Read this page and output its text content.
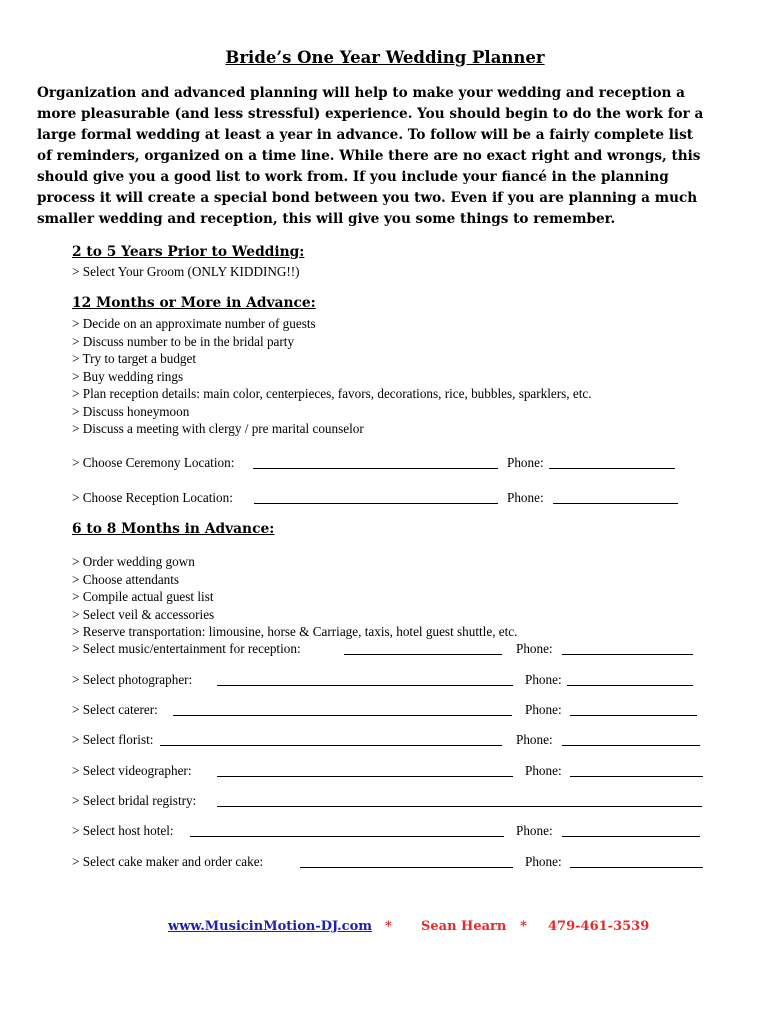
Bride’s One Year Wedding Planner
Organization and advanced planning will help to make your wedding and reception a
more pleasurable (and less stressful) experience. You should begin to do the work for a
large formal wedding at least a year in advance. To follow will be a fairly complete list
of reminders, organized on a time line. While there are no exact right and wrongs, this
should give you a good list to work from. If you include your fiancé in the planning
process it will create a special bond between you two. Even if you are planning a much
smaller wedding and reception, this will give you some things to remember.
2 to 5 Years Prior to Wedding:
> Select Your Groom (ONLY KIDDING!!)
12 Months or More in Advance:
> Decide on an approximate number of guests
> Discuss number to be in the bridal party
> Try to target a budget
> Buy wedding rings
> Plan reception details: main color, centerpieces, favors, decorations, rice, bubbles, sparklers, etc.
> Discuss honeymoon
> Discuss a meeting with clergy / pre marital counselor
> Choose Ceremony Location:	Phone:
> Choose Reception Location:	Phone:
6 to 8 Months in Advance:
> Order wedding gown
> Choose attendants
> Compile actual guest list
> Select veil & accessories
> Reserve transportation: limousine, horse & Carriage, taxis, hotel guest shuttle, etc.
> Select music/entertainment for reception:	Phone:
> Select photographer:	Phone:
> Select caterer:	Phone:
> Select florist:	Phone:
> Select videographer:	Phone:
> Select bridal registry:
> Select host hotel:	Phone:
> Select cake maker and order cake:	Phone:
www.MusicinMotion-DJ.com * Sean Hearn * 479-461-3539
